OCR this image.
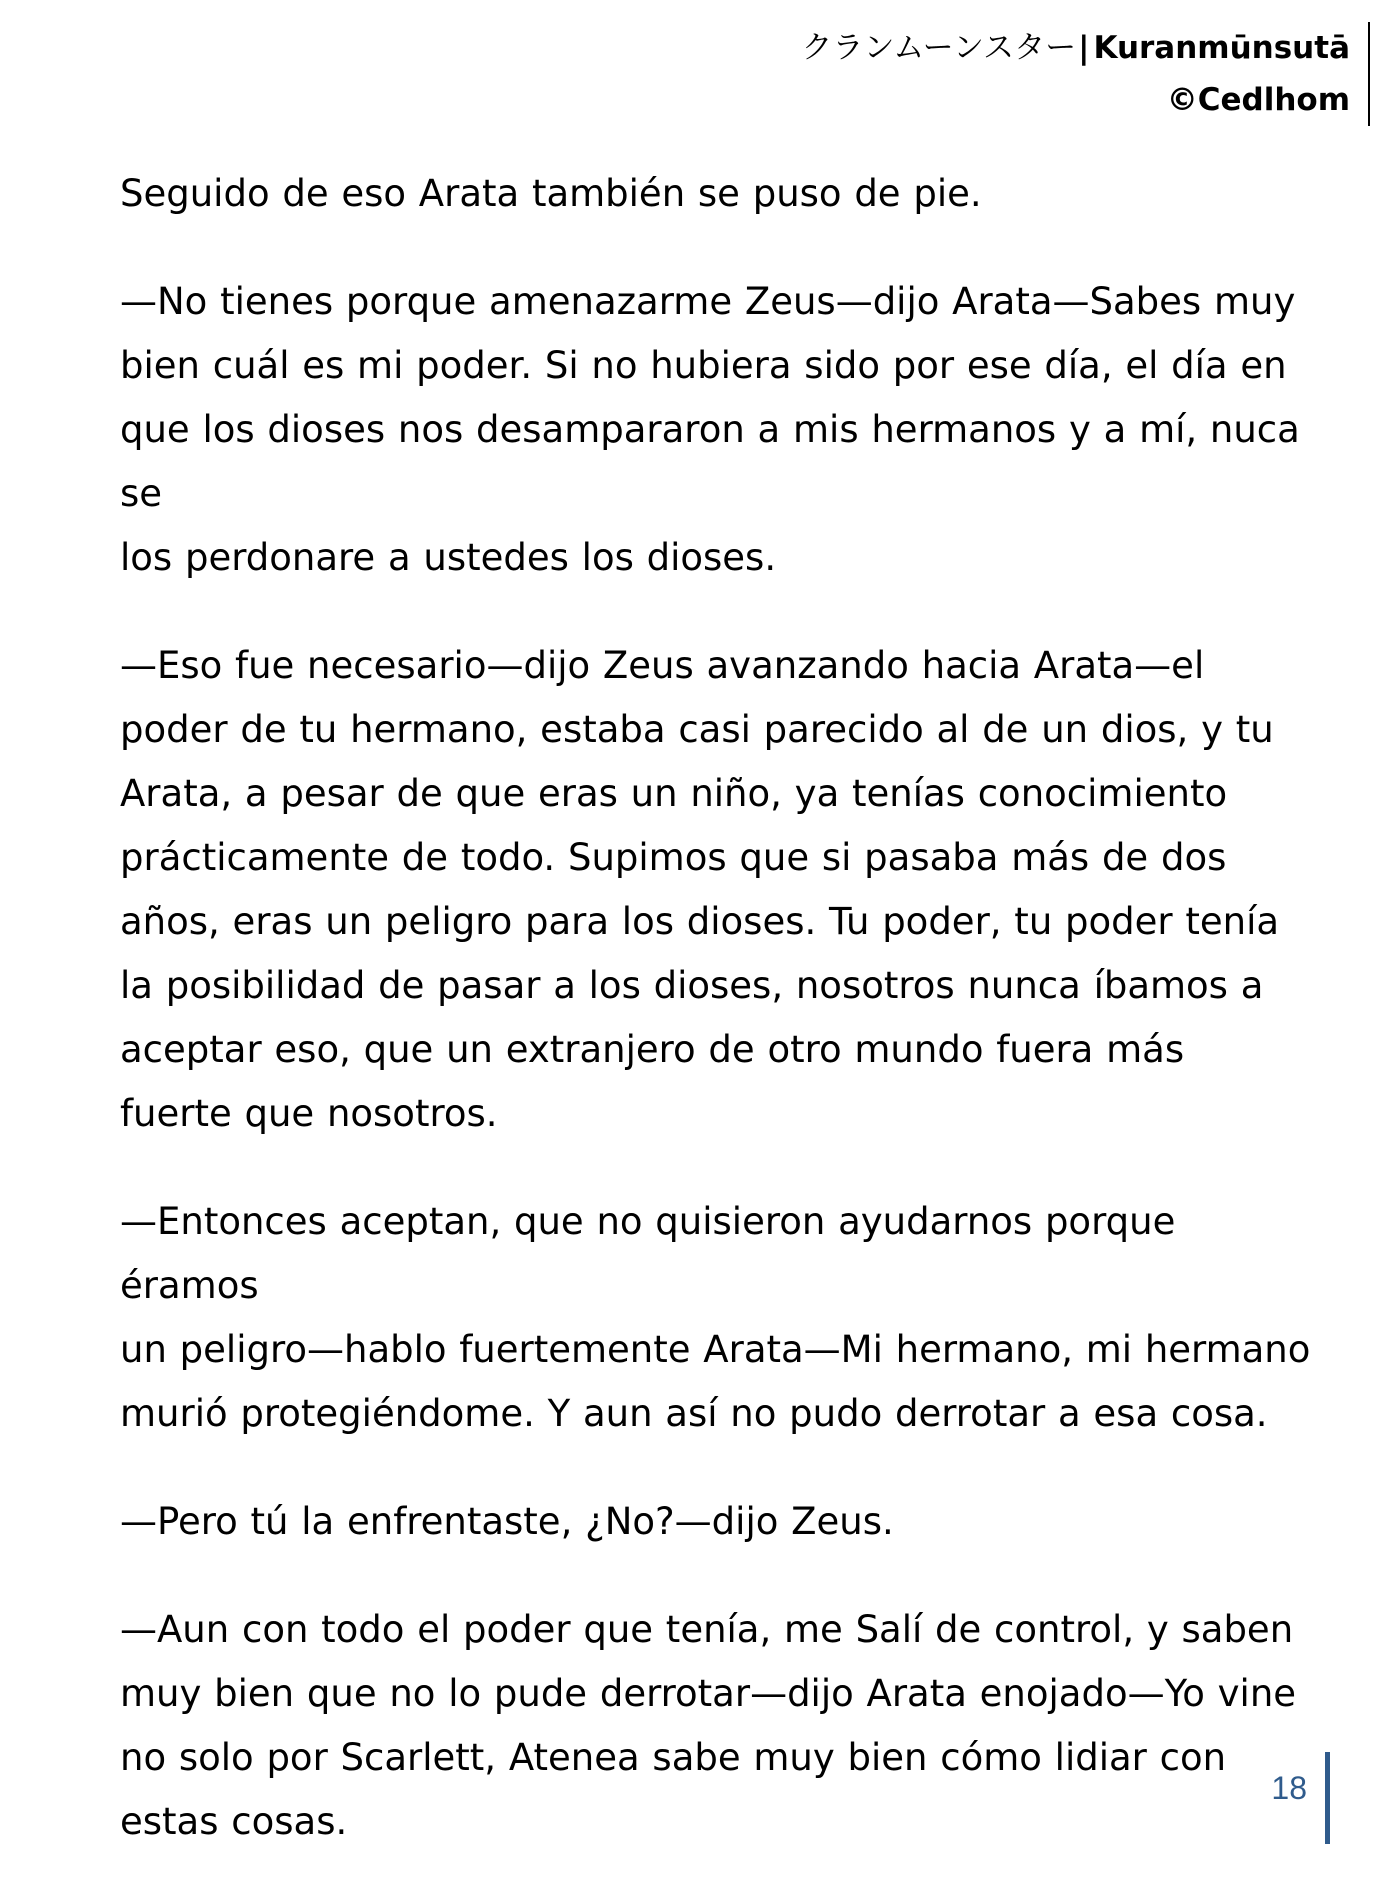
クランムーンスター| Kuranmūnsutā
©Cedlhom

Seguido de eso Arata también se puso de pie.

—No tienes porque amenazarme Zeus—dijo Arata—Sabes muy
bien cuál es mi poder. Si no hubiera sido por ese día, el día en
que los dioses nos desampararon a mis hermanos y a mí, nuca se
los perdonare a ustedes los dioses.

—Eso fue necesario—dijo Zeus avanzando hacia Arata—el
poder de tu hermano, estaba casi parecido al de un dios, y tu
Arata, a pesar de que eras un niño, ya tenías conocimiento
prácticamente de todo. Supimos que si pasaba más de dos
años, eras un peligro para los dioses. Tu poder, tu poder tenía
la posibilidad de pasar a los dioses, nosotros nunca íbamos a
aceptar eso, que un extranjero de otro mundo fuera más
fuerte que nosotros.

—Entonces aceptan, que no quisieron ayudarnos porque éramos
un peligro—hablo fuertemente Arata—Mi hermano, mi hermano
murió protegiéndome. Y aun así no pudo derrotar a esa cosa.

—Pero tú la enfrentaste, ¿No?—dijo Zeus.

—Aun con todo el poder que tenía, me Salí de control, y saben
muy bien que no lo pude derrotar—dijo Arata enojado—Yo vine
no solo por Scarlett, Atenea sabe muy bien cómo lidiar con
estas cosas.

18
